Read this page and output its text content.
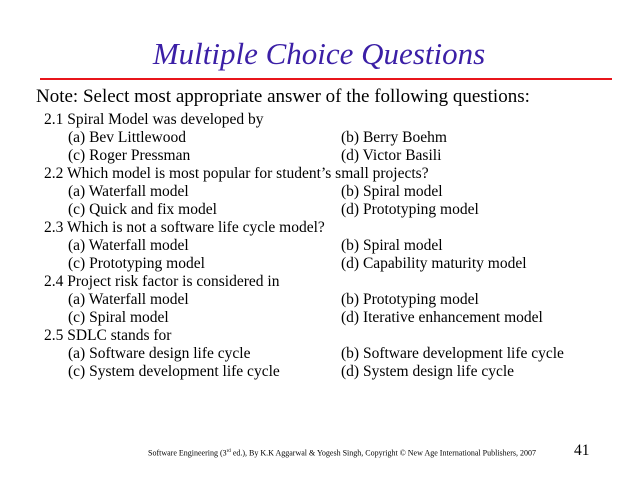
Multiple Choice Questions
Note: Select most appropriate answer of the following questions:
2.1 Spiral Model was developed by
(a) Bev Littlewood	(b) Berry Boehm
(c) Roger Pressman	(d) Victor Basili
2.2 Which model is most popular for student’s small projects?
(a) Waterfall model	(b) Spiral model
(c) Quick and fix model	(d) Prototyping model
2.3 Which is not a software life cycle model?
(a) Waterfall model	(b) Spiral model
(c) Prototyping model	(d) Capability maturity model
2.4 Project risk factor is considered in
(a) Waterfall model	(b) Prototyping model
(c) Spiral model	(d) Iterative enhancement model
2.5 SDLC stands for
(a) Software design life cycle	(b) Software development life cycle
(c) System development life cycle	(d) System design life cycle
Software Engineering (3rd ed.), By K.K Aggarwal & Yogesh Singh, Copyright © New Age International Publishers, 2007 41
